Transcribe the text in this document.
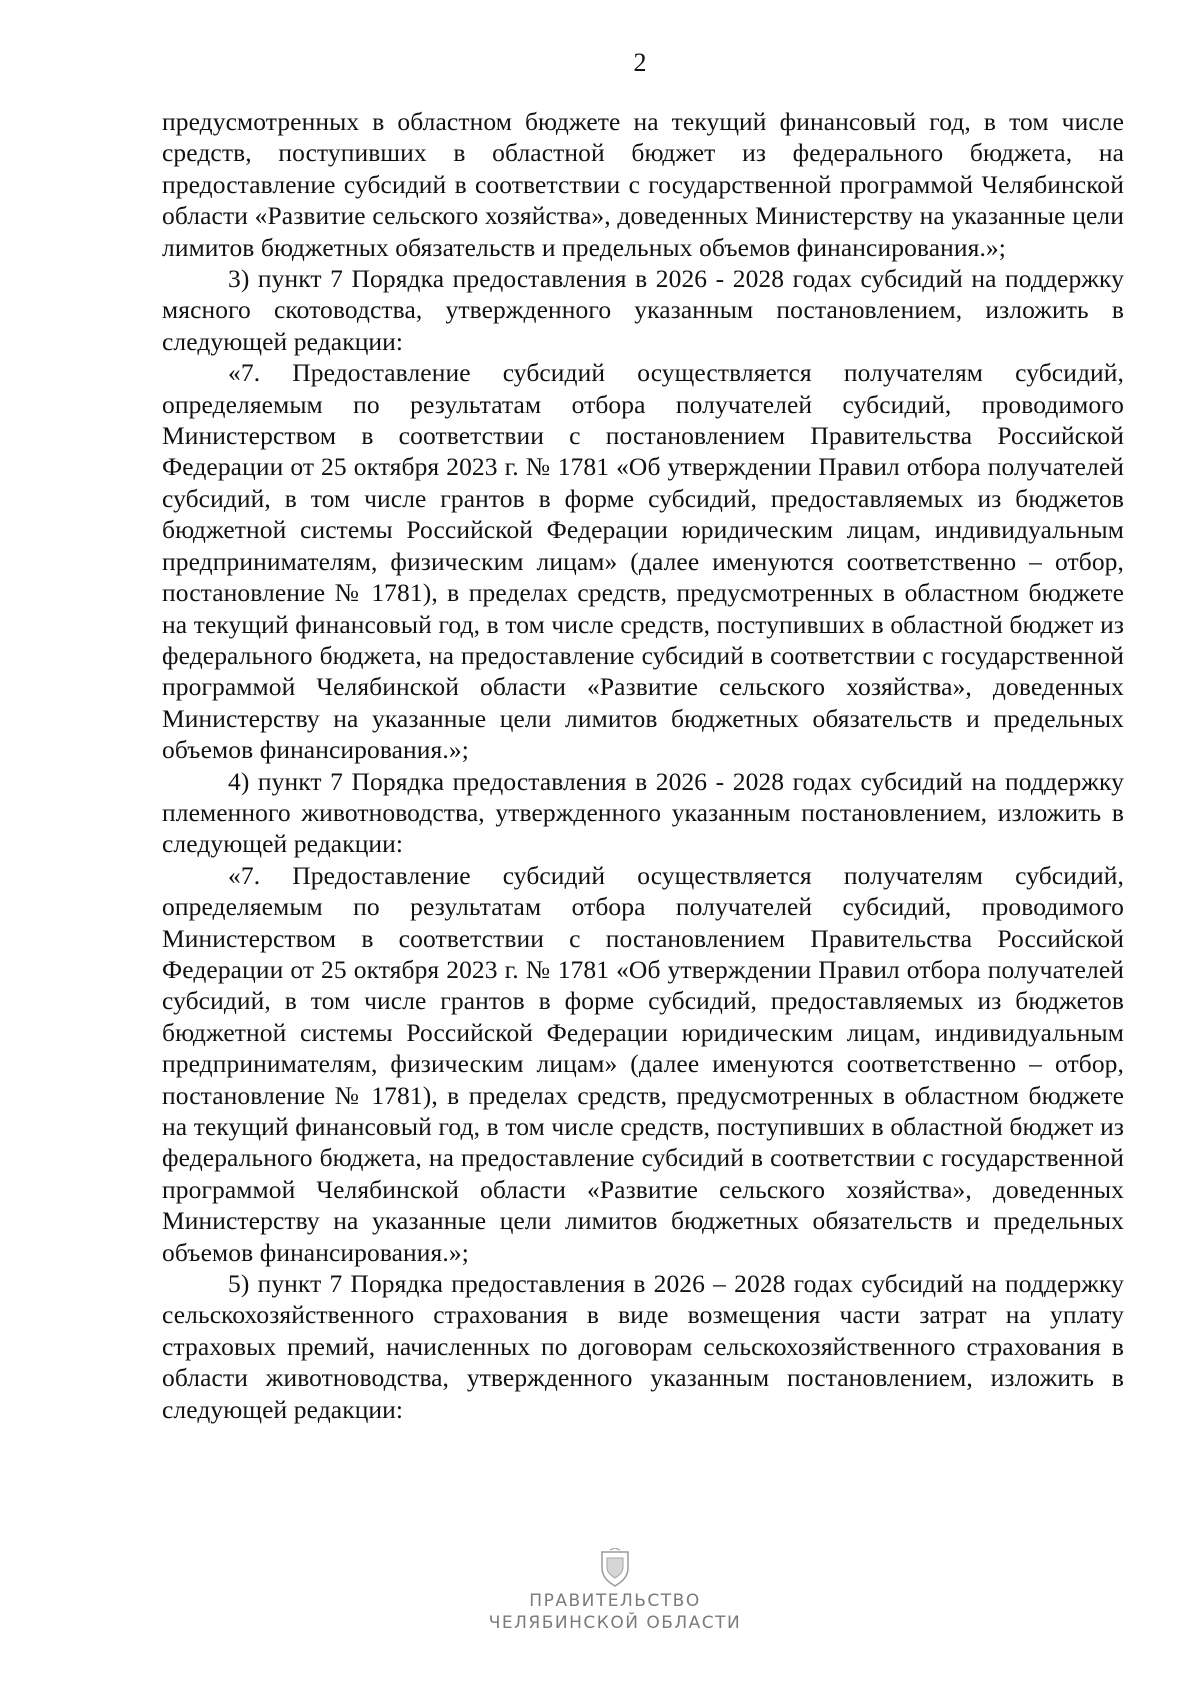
2

предусмотренных в областном бюджете на текущий финансовый год, в том числе средств, поступивших в областной бюджет из федерального бюджета, на предоставление субсидий в соответствии с государственной программой Челябинской области «Развитие сельского хозяйства», доведенных Министерству на указанные цели лимитов бюджетных обязательств и предельных объемов финансирования.»;

3) пункт 7 Порядка предоставления в 2026 - 2028 годах субсидий на поддержку мясного скотоводства, утвержденного указанным постановлением, изложить в следующей редакции:

«7. Предоставление субсидий осуществляется получателям субсидий, определяемым по результатам отбора получателей субсидий, проводимого Министерством в соответствии с постановлением Правительства Российской Федерации от 25 октября 2023 г. № 1781 «Об утверждении Правил отбора получателей субсидий, в том числе грантов в форме субсидий, предоставляемых из бюджетов бюджетной системы Российской Федерации юридическим лицам, индивидуальным предпринимателям, физическим лицам» (далее именуются соответственно – отбор, постановление № 1781), в пределах средств, предусмотренных в областном бюджете на текущий финансовый год, в том числе средств, поступивших в областной бюджет из федерального бюджета, на предоставление субсидий в соответствии с государственной программой Челябинской области «Развитие сельского хозяйства», доведенных Министерству на указанные цели лимитов бюджетных обязательств и предельных объемов финансирования.»;

4) пункт 7 Порядка предоставления в 2026 - 2028 годах субсидий на поддержку племенного животноводства, утвержденного указанным постановлением, изложить в следующей редакции:

«7. Предоставление субсидий осуществляется получателям субсидий, определяемым по результатам отбора получателей субсидий, проводимого Министерством в соответствии с постановлением Правительства Российской Федерации от 25 октября 2023 г. № 1781 «Об утверждении Правил отбора получателей субсидий, в том числе грантов в форме субсидий, предоставляемых из бюджетов бюджетной системы Российской Федерации юридическим лицам, индивидуальным предпринимателям, физическим лицам» (далее именуются соответственно – отбор, постановление № 1781), в пределах средств, предусмотренных в областном бюджете на текущий финансовый год, в том числе средств, поступивших в областной бюджет из федерального бюджета, на предоставление субсидий в соответствии с государственной программой Челябинской области «Развитие сельского хозяйства», доведенных Министерству на указанные цели лимитов бюджетных обязательств и предельных объемов финансирования.»;

5) пункт 7 Порядка предоставления в 2026 – 2028 годах субсидий на поддержку сельскохозяйственного страхования в виде возмещения части затрат на уплату страховых премий, начисленных по договорам сельскохозяйственного страхования в области животноводства, утвержденного указанным постановлением, изложить в следующей редакции:

ПРАВИТЕЛЬСТВО
ЧЕЛЯБИНСКОЙ ОБЛАСТИ
